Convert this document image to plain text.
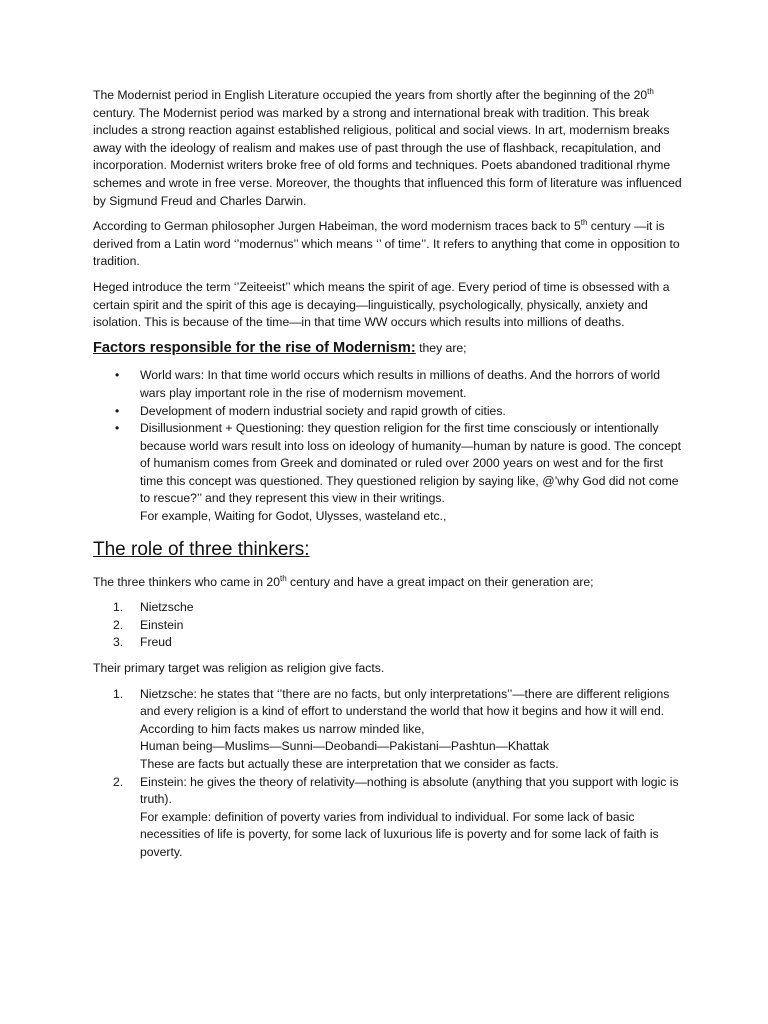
The Modernist period in English Literature occupied the years from shortly after the beginning of the 20th century. The Modernist period was marked by a strong and international break with tradition. This break includes a strong reaction against established religious, political and social views. In art, modernism breaks away with the ideology of realism and makes use of past through the use of flashback, recapitulation, and incorporation. Modernist writers broke free of old forms and techniques. Poets abandoned traditional rhyme schemes and wrote in free verse. Moreover, the thoughts that influenced this form of literature was influenced by Sigmund Freud and Charles Darwin.

According to German philosopher Jurgen Habeiman, the word modernism traces back to 5th century —it is derived from a Latin word ‘’modernus’’ which means ‘’ of time’’. It refers to anything that come in opposition to tradition.

Heged introduce the term ‘’Zeiteeist’’ which means the spirit of age. Every period of time is obsessed with a certain spirit and the spirit of this age is decaying—linguistically, psychologically, physically, anxiety and isolation. This is because of the time—in that time WW occurs which results into millions of deaths.

Factors responsible for the rise of Modernism: they are;

• World wars: In that time world occurs which results in millions of deaths. And the horrors of world wars play important role in the rise of modernism movement.
• Development of modern industrial society and rapid growth of cities.
• Disillusionment + Questioning: they question religion for the first time consciously or intentionally because world wars result into loss on ideology of humanity—human by nature is good. The concept of humanism comes from Greek and dominated or ruled over 2000 years on west and for the first time this concept was questioned. They questioned religion by saying like, @’why God did not come to rescue?’’ and they represent this view in their writings.
For example, Waiting for Godot, Ulysses, wasteland etc.,
The role of three thinkers:

The three thinkers who came in 20th century and have a great impact on their generation are;

1. Nietzsche
2. Einstein
3. Freud

Their primary target was religion as religion give facts.

1. Nietzsche: he states that ‘’there are no facts, but only interpretations’’—there are different religions and every religion is a kind of effort to understand the world that how it begins and how it will end.
According to him facts makes us narrow minded like,
Human being—Muslims—Sunni—Deobandi—Pakistani—Pashtun—Khattak
These are facts but actually these are interpretation that we consider as facts.
2. Einstein: he gives the theory of relativity—nothing is absolute (anything that you support with logic is truth).
For example: definition of poverty varies from individual to individual. For some lack of basic necessities of life is poverty, for some lack of luxurious life is poverty and for some lack of faith is poverty.
